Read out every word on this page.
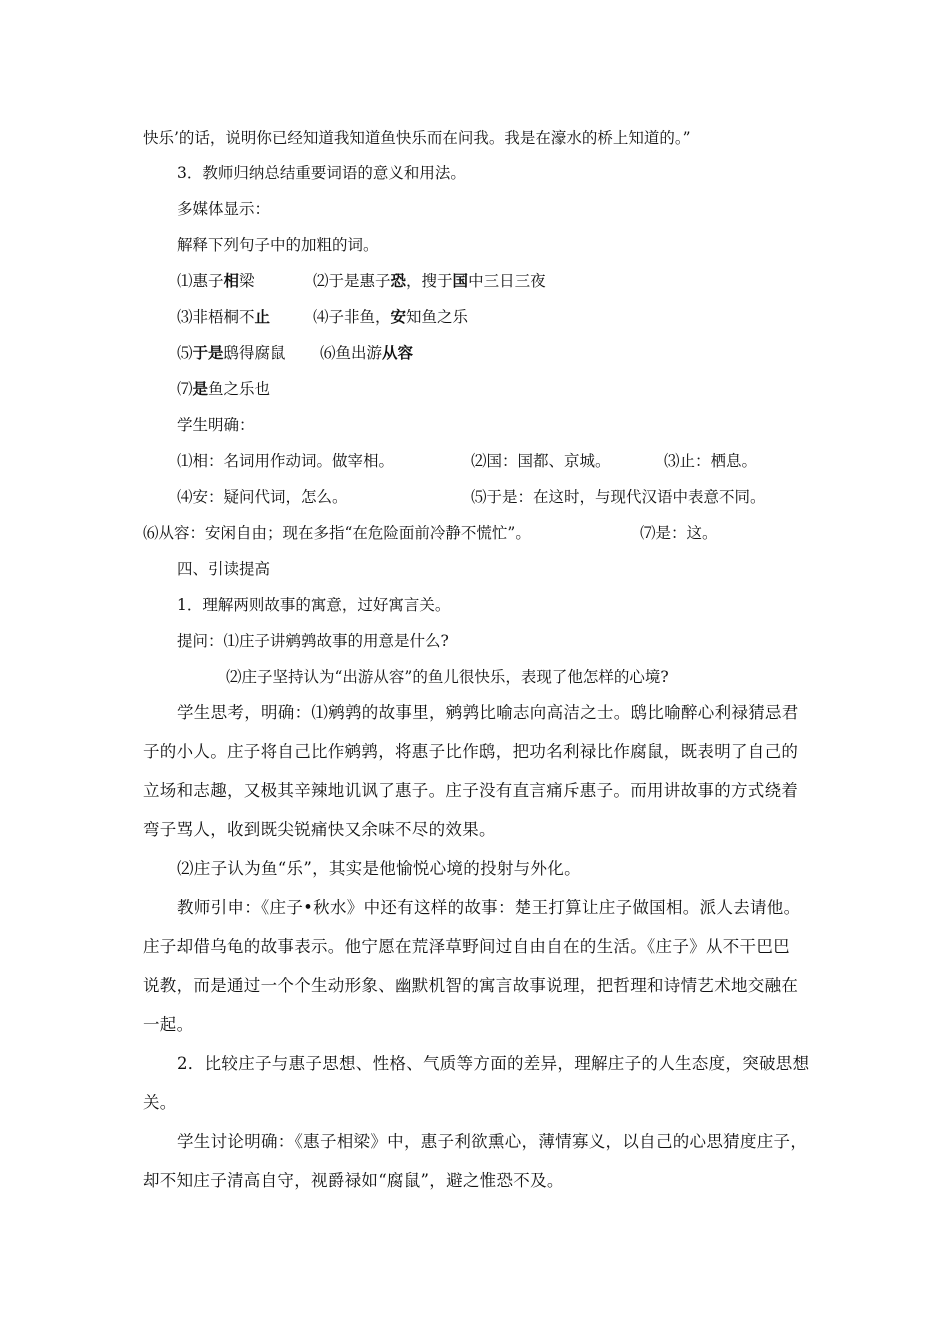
快乐’的话，说明你已经知道我知道鱼快乐而在问我。我是在濠水的桥上知道的。”
3．教师归纳总结重要词语的意义和用法。
多媒体显示：
解释下列句子中的加粗的词。
⑴惠子相梁	⑵于是惠子恐，搜于国中三日三夜
⑶非梧桐不止	⑷子非鱼，安知鱼之乐
⑸于是鸱得腐鼠 ⑹鱼出游从容
⑺是鱼之乐也
学生明确：
⑴相：名词用作动词。做宰相。	⑵国：国都、京城。	⑶止：栖息。
⑷安：疑问代词，怎么。	⑸于是：在这时，与现代汉语中表意不同。
⑹从容：安闲自由；现在多指“在危险面前冷静不慌忙”。	⑺是：这。
四、引读提高
1．理解两则故事的寓意，过好寓言关。
提问：⑴庄子讲鹓鹑故事的用意是什么?
⑵庄子坚持认为“出游从容”的鱼儿很快乐，表现了他怎样的心境?
学生思考，明确：⑴鹓鹑的故事里，鹓鹑比喻志向高洁之士。鸱比喻醉心利禄猜忌君
子的小人。庄子将自己比作鹓鹑，将惠子比作鸱，把功名利禄比作腐鼠，既表明了自己的
立场和志趣，又极其辛辣地讥讽了惠子。庄子没有直言痛斥惠子。而用讲故事的方式绕着
弯子骂人，收到既尖锐痛快又余味不尽的效果。
⑵庄子认为鱼“乐”，其实是他愉悦心境的投射与外化。
教师引申：《庄子•秋水》中还有这样的故事：楚王打算让庄子做国相。派人去请他。
庄子却借乌龟的故事表示。他宁愿在荒泽草野间过自由自在的生活。《庄子》从不干巴巴
说教，而是通过一个个生动形象、幽默机智的寓言故事说理，把哲理和诗情艺术地交融在
一起。
2．比较庄子与惠子思想、性格、气质等方面的差异，理解庄子的人生态度，突破思想
关。
学生讨论明确：《惠子相梁》中，惠子利欲熏心，薄情寡义，以自己的心思猜度庄子，
却不知庄子清高自守，视爵禄如“腐鼠”，避之惟恐不及。
